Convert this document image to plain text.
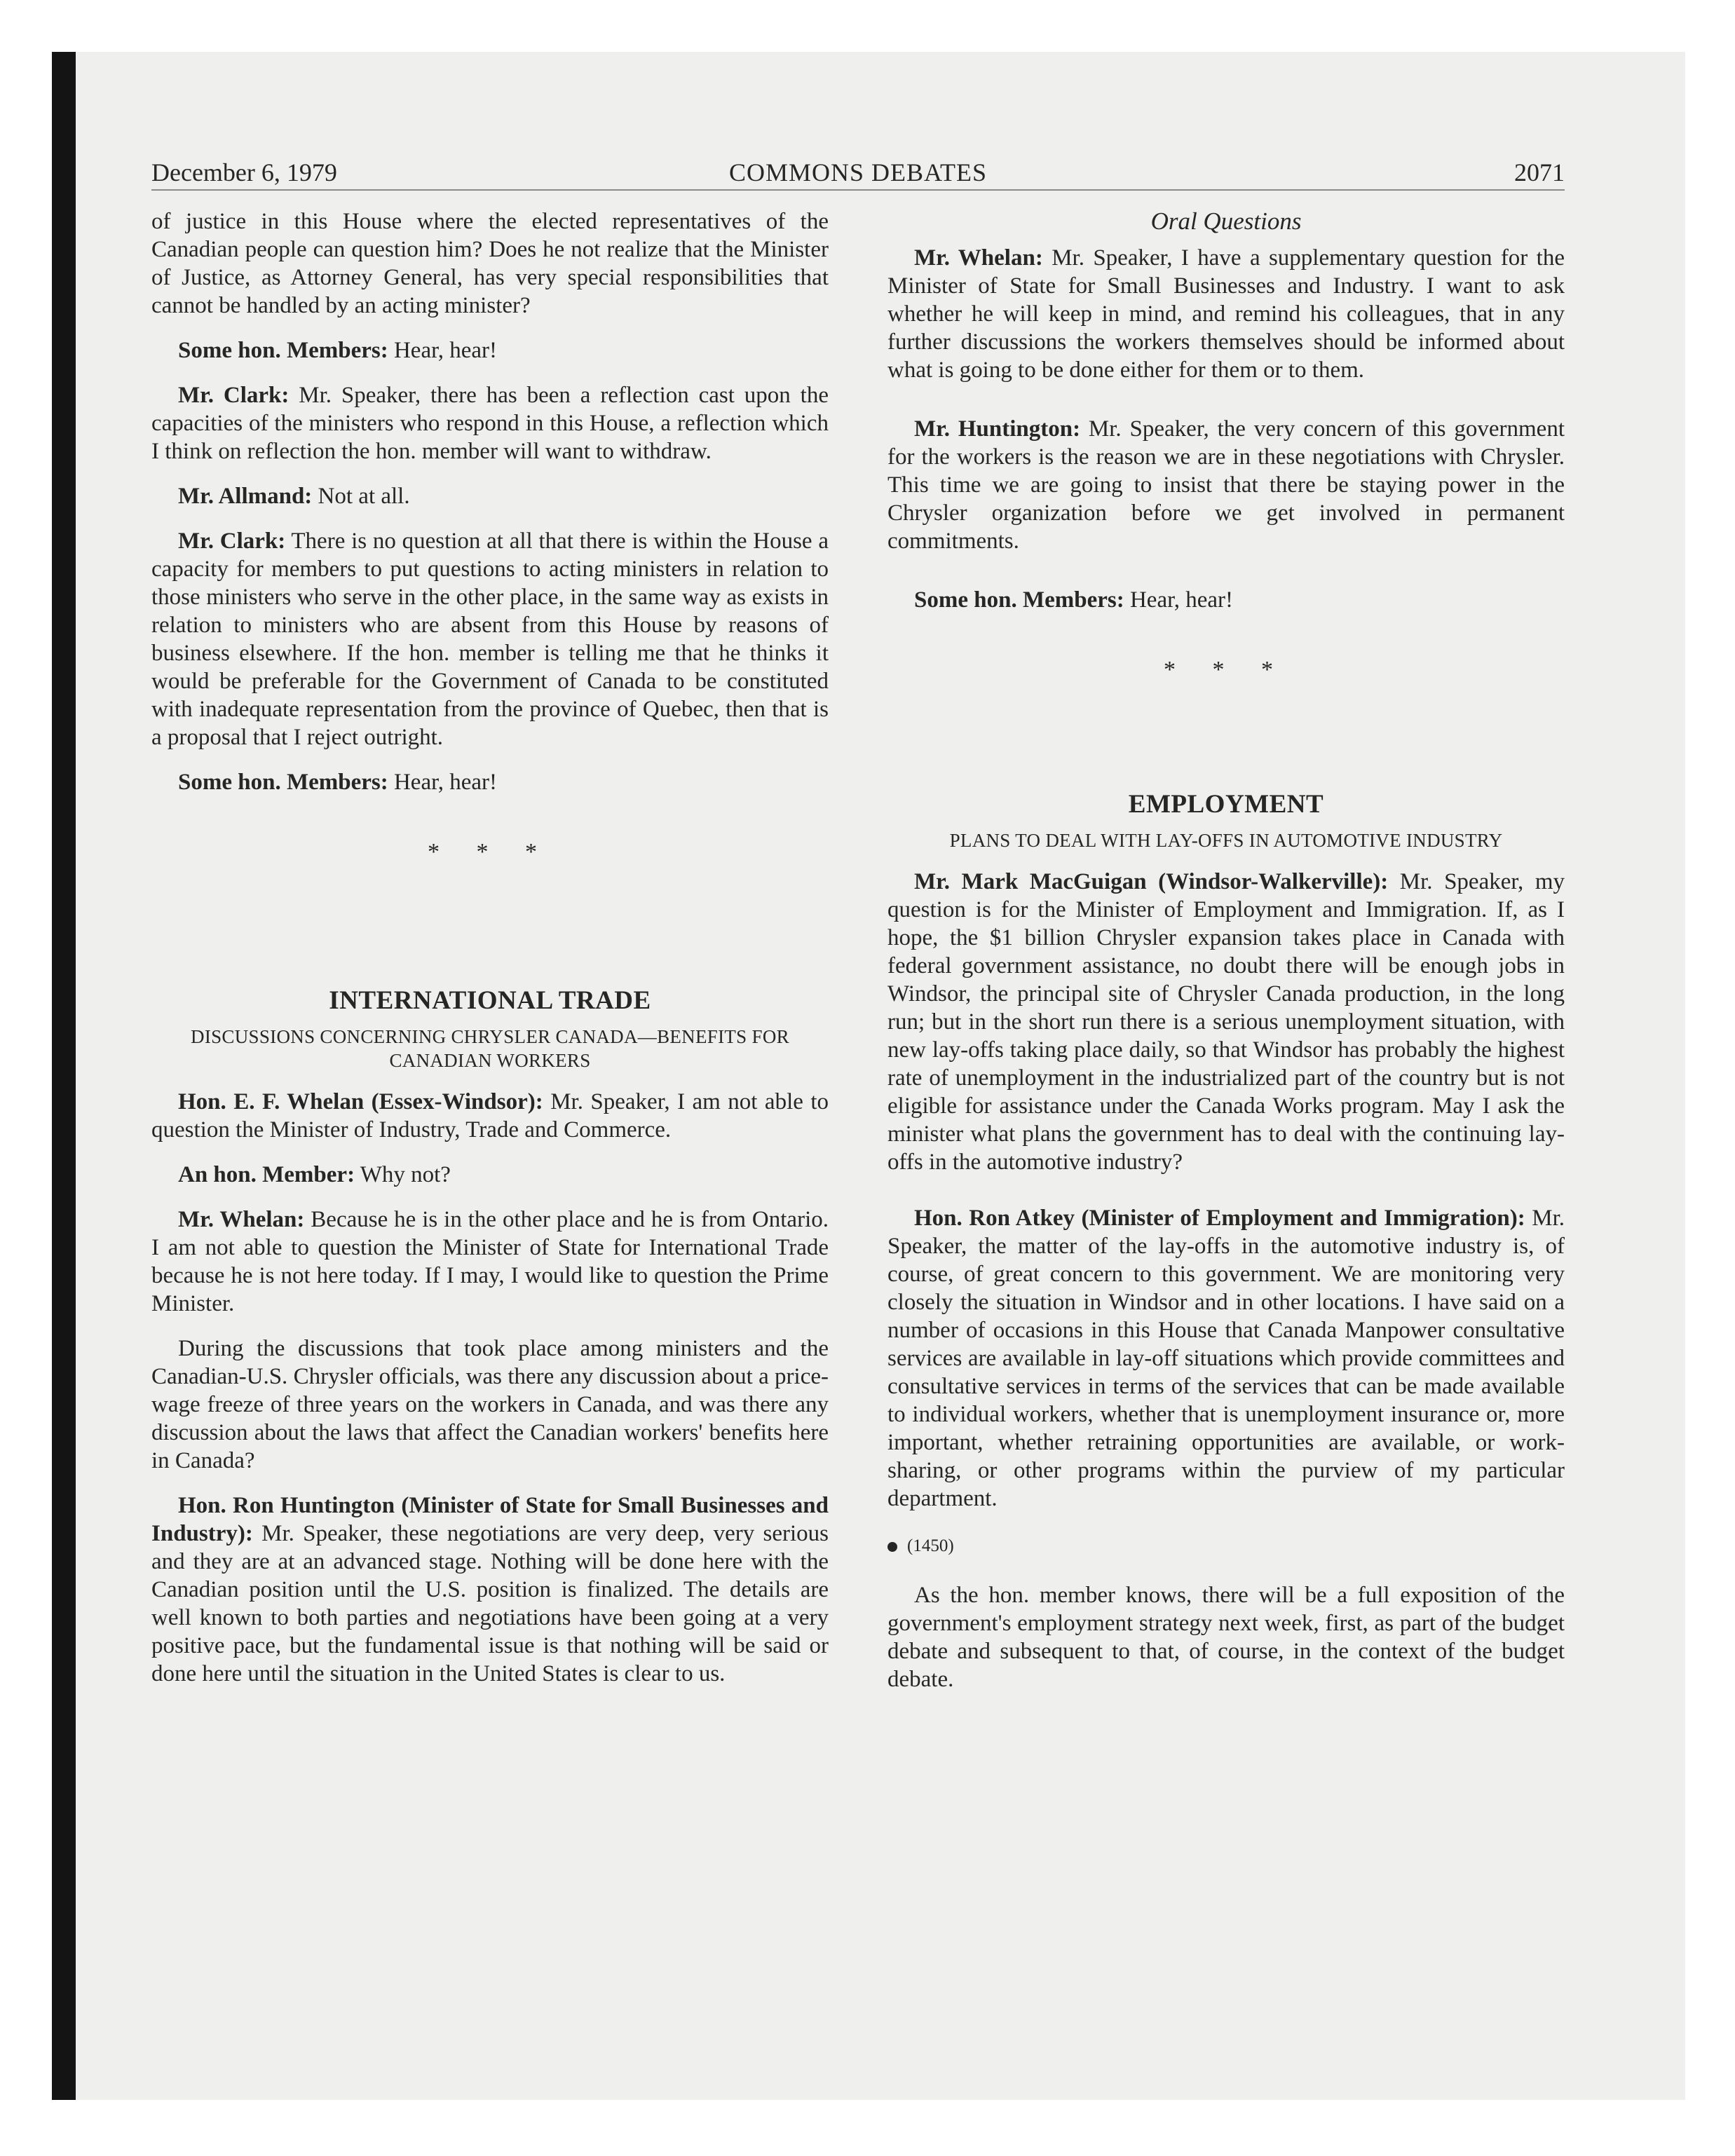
December 6, 1979	COMMONS DEBATES	2071

of justice in this House where the elected representatives of the Canadian people can question him? Does he not realize that the Minister of Justice, as Attorney General, has very special responsibilities that cannot be handled by an acting minister?

Some hon. Members: Hear, hear!

Mr. Clark: Mr. Speaker, there has been a reflection cast upon the capacities of the ministers who respond in this House, a reflection which I think on reflection the hon. member will want to withdraw.

Mr. Allmand: Not at all.

Mr. Clark: There is no question at all that there is within the House a capacity for members to put questions to acting ministers in relation to those ministers who serve in the other place, in the same way as exists in relation to ministers who are absent from this House by reasons of business elsewhere. If the hon. member is telling me that he thinks it would be preferable for the Government of Canada to be constituted with inadequate representation from the province of Quebec, then that is a proposal that I reject outright.

Some hon. Members: Hear, hear!

* * *
INTERNATIONAL TRADE
DISCUSSIONS CONCERNING CHRYSLER CANADA—BENEFITS FOR CANADIAN WORKERS

Hon. E. F. Whelan (Essex-Windsor): Mr. Speaker, I am not able to question the Minister of Industry, Trade and Commerce.

An hon. Member: Why not?

Mr. Whelan: Because he is in the other place and he is from Ontario. I am not able to question the Minister of State for International Trade because he is not here today. If I may, I would like to question the Prime Minister.

During the discussions that took place among ministers and the Canadian-U.S. Chrysler officials, was there any discussion about a price-wage freeze of three years on the workers in Canada, and was there any discussion about the laws that affect the Canadian workers' benefits here in Canada?

Hon. Ron Huntington (Minister of State for Small Businesses and Industry): Mr. Speaker, these negotiations are very deep, very serious and they are at an advanced stage. Nothing will be done here with the Canadian position until the U.S. position is finalized. The details are well known to both parties and negotiations have been going at a very positive pace, but the fundamental issue is that nothing will be said or done here until the situation in the United States is clear to us.

Oral Questions

Mr. Whelan: Mr. Speaker, I have a supplementary question for the Minister of State for Small Businesses and Industry. I want to ask whether he will keep in mind, and remind his colleagues, that in any further discussions the workers themselves should be informed about what is going to be done either for them or to them.

Mr. Huntington: Mr. Speaker, the very concern of this government for the workers is the reason we are in these negotiations with Chrysler. This time we are going to insist that there be staying power in the Chrysler organization before we get involved in permanent commitments.

Some hon. Members: Hear, hear!

* * *
EMPLOYMENT
PLANS TO DEAL WITH LAY-OFFS IN AUTOMOTIVE INDUSTRY

Mr. Mark MacGuigan (Windsor-Walkerville): Mr. Speaker, my question is for the Minister of Employment and Immigration. If, as I hope, the $1 billion Chrysler expansion takes place in Canada with federal government assistance, no doubt there will be enough jobs in Windsor, the principal site of Chrysler Canada production, in the long run; but in the short run there is a serious unemployment situation, with new lay-offs taking place daily, so that Windsor has probably the highest rate of unemployment in the industrialized part of the country but is not eligible for assistance under the Canada Works program. May I ask the minister what plans the government has to deal with the continuing lay-offs in the automotive industry?

Hon. Ron Atkey (Minister of Employment and Immigration): Mr. Speaker, the matter of the lay-offs in the automotive industry is, of course, of great concern to this government. We are monitoring very closely the situation in Windsor and in other locations. I have said on a number of occasions in this House that Canada Manpower consultative services are available in lay-off situations which provide committees and consultative services in terms of the services that can be made available to individual workers, whether that is unemployment insurance or, more important, whether retraining opportunities are available, or work-sharing, or other programs within the purview of my particular department.

(1450)

As the hon. member knows, there will be a full exposition of the government's employment strategy next week, first, as part of the budget debate and subsequent to that, of course, in the context of the budget debate.
